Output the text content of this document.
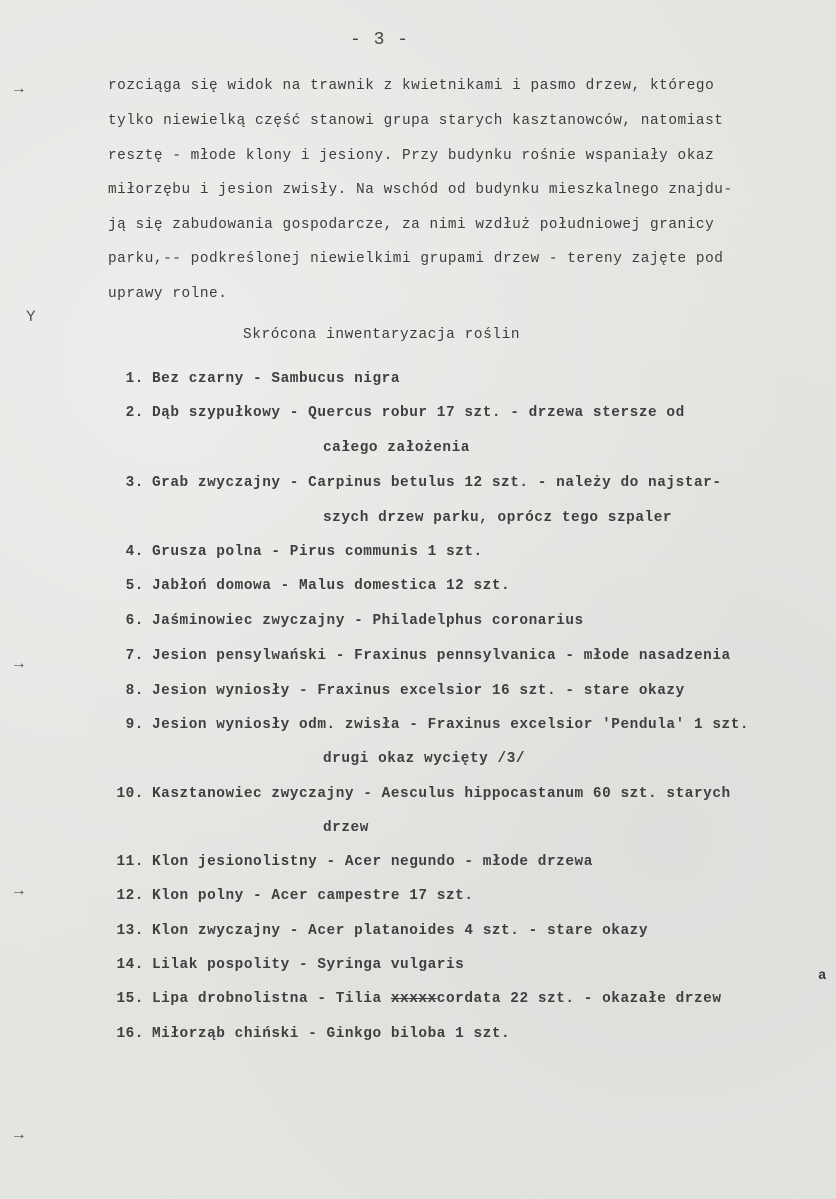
- 3 -
→
Y
→
→
→
rozciąga się widok na trawnik z kwietnikami i pasmo drzew, którego
tylko niewielką część stanowi grupa starych kasztanowców, natomiast
resztę - młode klony i jesiony. Przy budynku rośnie wspaniały okaz
miłorzębu i jesion zwisły. Na wschód od budynku mieszkalnego znajdu-
ją się zabudowania gospodarcze, za nimi wzdłuż południowej granicy
parku,-- podkreślonej niewielkimi grupami drzew - tereny zajęte pod
uprawy rolne.
Skrócona inwentaryzacja roślin
1. Bez czarny - Sambucus nigra
2. Dąb szypułkowy - Quercus robur 17 szt. - drzewa stersze od
całego założenia
3. Grab zwyczajny - Carpinus betulus 12 szt. - należy do najstar-
szych drzew parku, oprócz tego szpaler
4. Grusza polna - Pirus communis 1 szt.
5. Jabłoń domowa - Malus domestica 12 szt.
6. Jaśminowiec zwyczajny - Philadelphus coronarius
7. Jesion pensylwański - Fraxinus pennsylvanica - młode nasadzenia
8. Jesion wyniosły - Fraxinus excelsior 16 szt. - stare okazy
9. Jesion wyniosły odm. zwisła - Fraxinus excelsior 'Pendula' 1 szt.
drugi okaz wycięty /3/
10. Kasztanowiec zwyczajny - Aesculus hippocastanum 60 szt. starych
drzew
11. Klon jesionolistny - Acer negundo - młode drzewa
12. Klon polny - Acer campestre 17 szt.
13. Klon zwyczajny - Acer platanoides 4 szt. - stare okazy
14. Lilak pospolity - Syringa vulgaris
15. Lipa drobnolistna - Tilia xxxxxcordata 22 szt. - okazałe drzew
a
16. Miłorząb chiński - Ginkgo biloba 1 szt.
